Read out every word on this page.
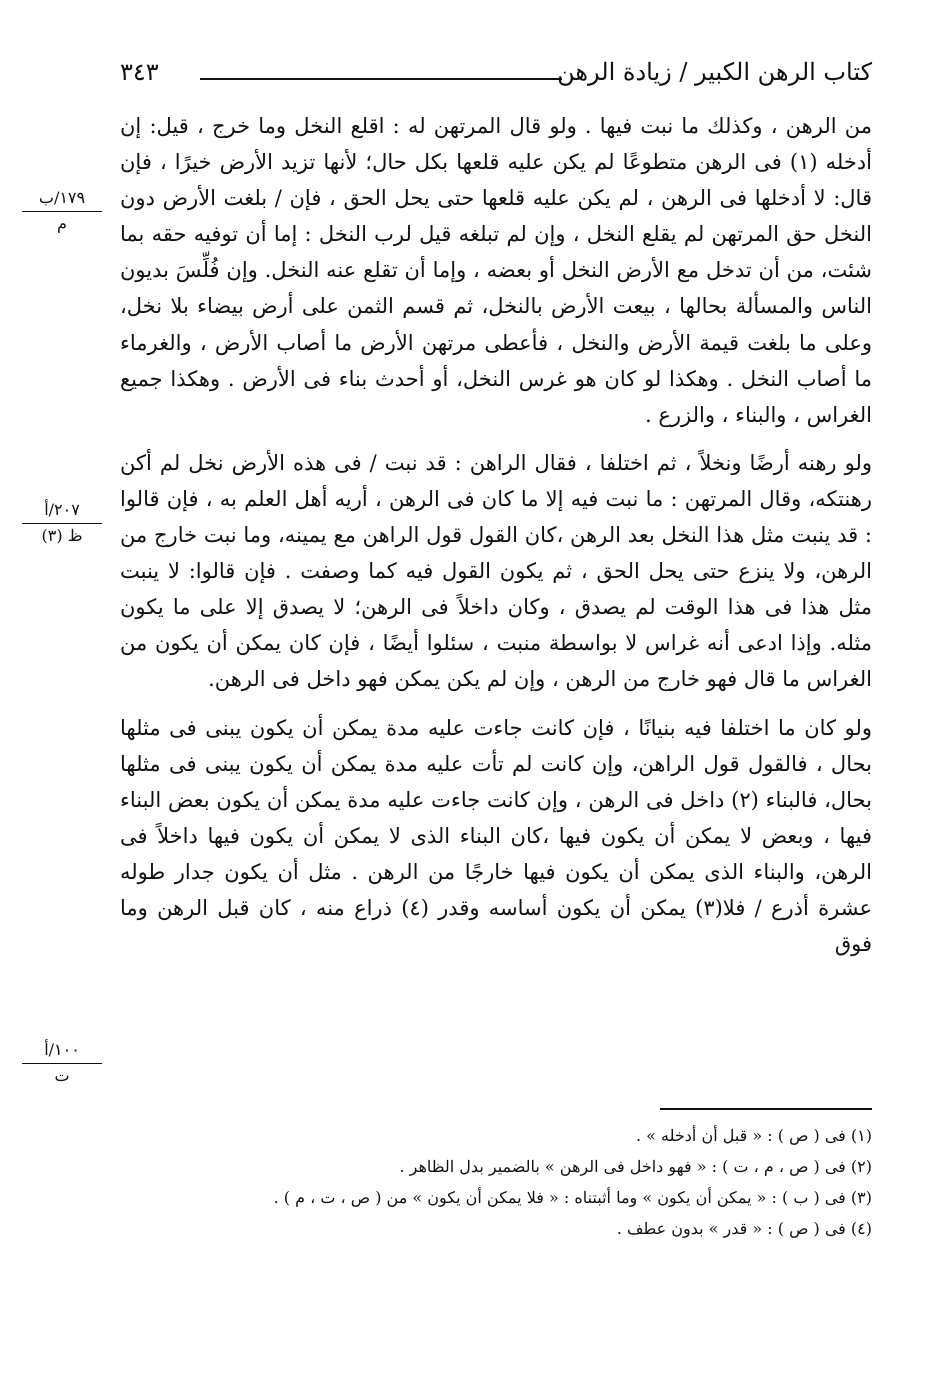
كتاب الرهن الكبير / زيادة الرهن
٣٤٣

من الرهن ، وكذلك ما نبت فيها . ولو قال المرتهن له : اقلع النخل وما خرج ، قيل: إن أدخله (١) فى الرهن متطوعًا لم يكن عليه قلعها بكل حال؛ لأنها تزيد الأرض خيرًا ، فإن قال: لا أدخلها فى الرهن ، لم يكن عليه قلعها حتى يحل الحق ، فإن / بلغت الأرض دون النخل حق المرتهن لم يقلع النخل ، وإن لم تبلغه قيل لرب النخل : إما أن توفيه حقه بما شئت، من أن تدخل مع الأرض النخل أو بعضه ، وإما أن تقلع عنه النخل. وإن فُلِّسَ بديون الناس والمسألة بحالها ، بيعت الأرض بالنخل، ثم قسم الثمن على أرض بيضاء بلا نخل، وعلى ما بلغت قيمة الأرض والنخل ، فأعطى مرتهن الأرض ما أصاب الأرض ، والغرماء ما أصاب النخل . وهكذا لو كان هو غرس النخل، أو أحدث بناء فى الأرض . وهكذا جميع الغراس ، والبناء ، والزرع .

ولو رهنه أرضًا ونخلاً ، ثم اختلفا ، فقال الراهن : قد نبت / فى هذه الأرض نخل لم أكن رهنتكه، وقال المرتهن : ما نبت فيه إلا ما كان فى الرهن ، أريه أهل العلم به ، فإن قالوا : قد ينبت مثل هذا النخل بعد الرهن ،كان القول قول الراهن مع يمينه، وما نبت خارج من الرهن، ولا ينزع حتى يحل الحق ، ثم يكون القول فيه كما وصفت . فإن قالوا: لا ينبت مثل هذا فى هذا الوقت لم يصدق ، وكان داخلاً فى الرهن؛ لا يصدق إلا على ما يكون مثله. وإذا ادعى أنه غراس لا بواسطة منبت ، سئلوا أيضًا ، فإن كان يمكن أن يكون من الغراس ما قال فهو خارج من الرهن ، وإن لم يكن يمكن فهو داخل فى الرهن.

ولو كان ما اختلفا فيه بنيانًا ، فإن كانت جاءت عليه مدة يمكن أن يكون يبنى فى مثلها بحال ، فالقول قول الراهن، وإن كانت لم تأت عليه مدة يمكن أن يكون يبنى فى مثلها بحال، فالبناء (٢) داخل فى الرهن ، وإن كانت جاءت عليه مدة يمكن أن يكون بعض البناء فيها ، وبعض لا يمكن أن يكون فيها ،كان البناء الذى لا يمكن أن يكون فيها داخلاً فى الرهن، والبناء الذى يمكن أن يكون فيها خارجًا من الرهن . مثل أن يكون جدار طوله عشرة أذرع / فلا(٣) يمكن أن يكون أساسه وقدر (٤) ذراع منه ، كان قبل الرهن وما فوق

١٧٩/ب
م
٢٠٧/أ
ظ (٣)
١٠٠/أ
ت
(١) فى ( ص ) : « قبل أن أدخله » .
(٢) فى ( ص ، م ، ت ) : « فهو داخل فى الرهن » بالضمير بدل الظاهر .
(٣) فى ( ب ) : « يمكن أن يكون » وما أثبتناه : « فلا يمكن أن يكون » من ( ص ، ت ، م ) .
(٤) فى ( ص ) : « قدر » بدون عطف .
